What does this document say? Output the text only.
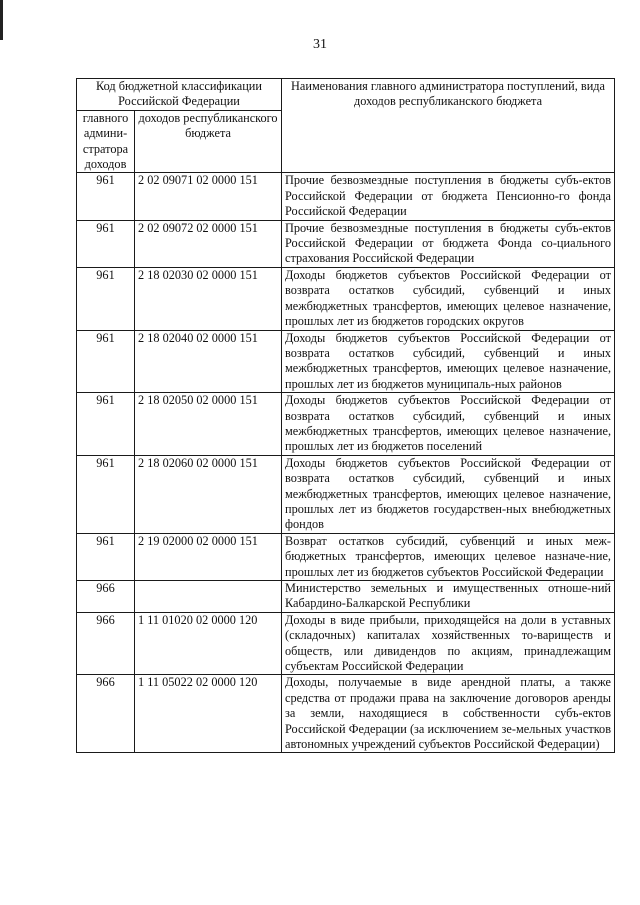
31
Код бюджетной классификации Российской Федерации		Наименования главного администратора поступлений, вида доходов республиканского бюджета
главного админи-стратора доходов	доходов республиканского бюджета	
961	2 02 09071 02 0000 151	Прочие безвозмездные поступления в бюджеты субъ-ектов Российской Федерации от бюджета Пенсионно-го фонда Российской Федерации
961	2 02 09072 02 0000 151	Прочие безвозмездные поступления в бюджеты субъ-ектов Российской Федерации от бюджета Фонда со-циального страхования Российской Федерации
961	2 18 02030 02 0000 151	Доходы бюджетов субъектов Российской Федерации от возврата остатков субсидий, субвенций и иных межбюджетных трансфертов, имеющих целевое назначение, прошлых лет из бюджетов городских округов
961	2 18 02040 02 0000 151	Доходы бюджетов субъектов Российской Федерации от возврата остатков субсидий, субвенций и иных межбюджетных трансфертов, имеющих целевое назначение, прошлых лет из бюджетов муниципаль-ных районов
961	2 18 02050 02 0000 151	Доходы бюджетов субъектов Российской Федерации от возврата остатков субсидий, субвенций и иных межбюджетных трансфертов, имеющих целевое назначение, прошлых лет из бюджетов поселений
961	2 18 02060 02 0000 151	Доходы бюджетов субъектов Российской Федерации от возврата остатков субсидий, субвенций и иных межбюджетных трансфертов, имеющих целевое назначение, прошлых лет из бюджетов государствен-ных внебюджетных фондов
961	2 19 02000 02 0000 151	Возврат остатков субсидий, субвенций и иных меж-бюджетных трансфертов, имеющих целевое назначе-ние, прошлых лет из бюджетов субъектов Российской Федерации
966		Министерство земельных и имущественных отноше-ний Кабардино-Балкарской Республики
966	1 11 01020 02 0000 120	Доходы в виде прибыли, приходящейся на доли в уставных (складочных) капиталах хозяйственных то-вариществ и обществ, или дивидендов по акциям, принадлежащим субъектам Российской Федерации
966	1 11 05022 02 0000 120	Доходы, получаемые в виде арендной платы, а также средства от продажи права на заключение договоров аренды за земли, находящиеся в собственности субъ-ектов Российской Федерации (за исключением зе-мельных участков автономных учреждений субъектов Российской Федерации)
